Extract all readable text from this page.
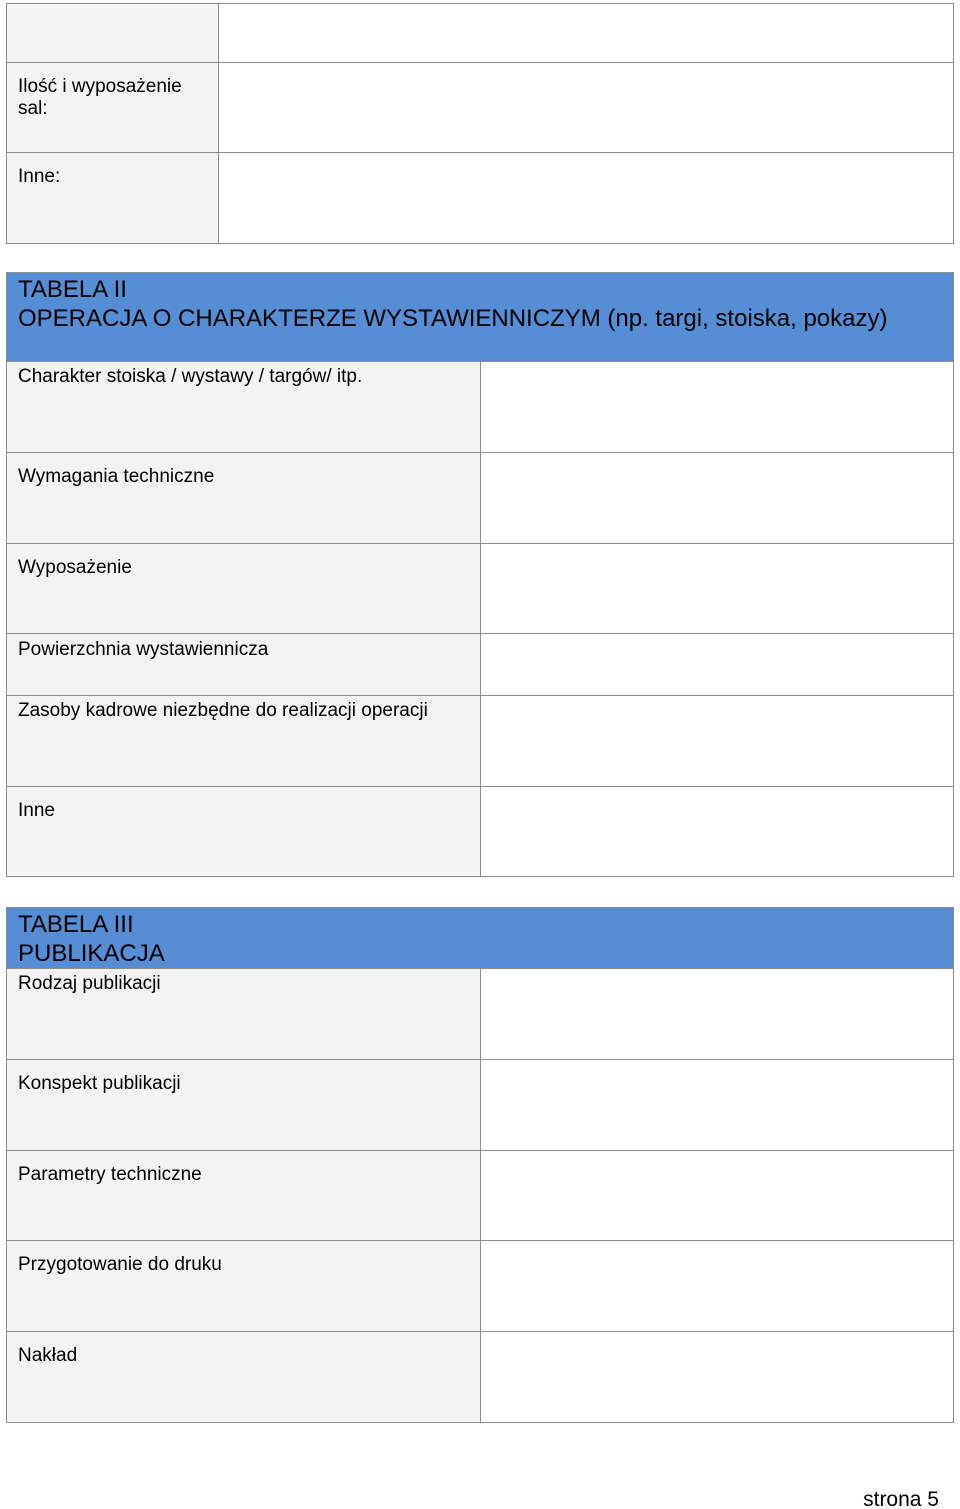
Ilość i wyposażenie sal:	

Inne:	

TABELA II
OPERACJA O CHARAKTERZE WYSTAWIENNICZYM (np. targi, stoiska, pokazy)	

Charakter stoiska / wystawy / targów/ itp.	

Wymagania techniczne	

Wyposażenie	

Powierzchnia wystawiennicza	

Zasoby kadrowe niezbędne do realizacji operacji	

Inne	

TABELA III
PUBLIKACJA	

Rodzaj publikacji	

Konspekt publikacji	

Parametry techniczne	

Przygotowanie do druku	

Nakład	

strona 5
